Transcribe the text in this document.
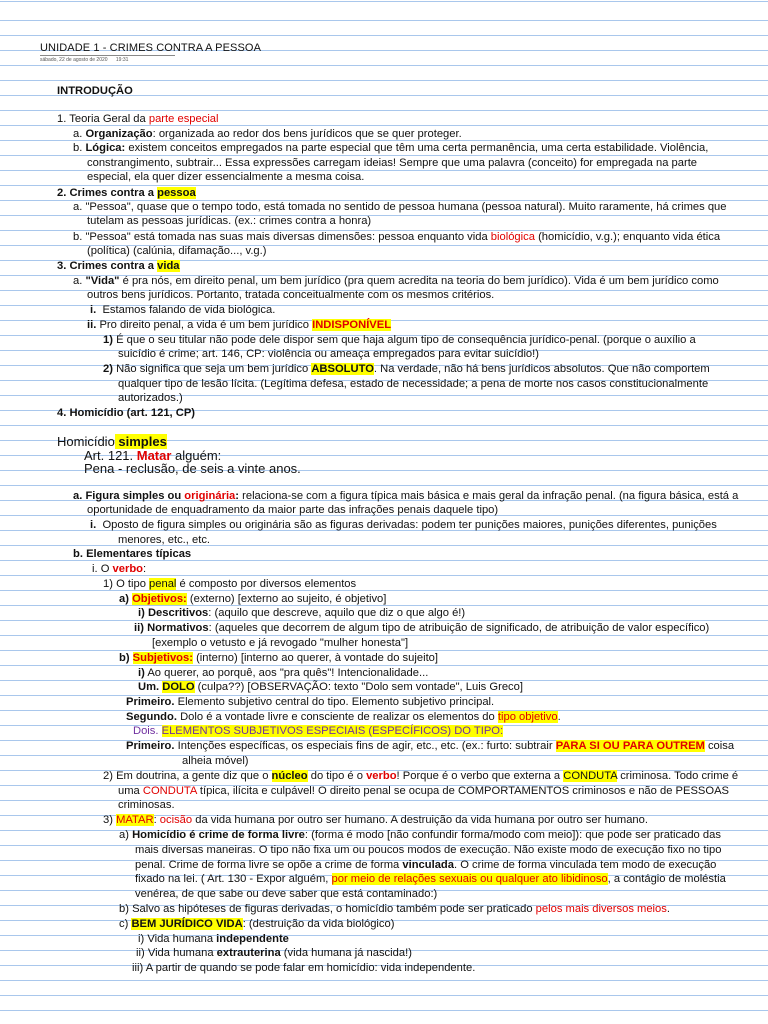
UNIDADE 1 - CRIMES CONTRA A PESSOA
sábado, 22 de agosto de 2020 19:31
INTRODUÇÃO
1. Teoria Geral da parte especial
a. Organização: organizada ao redor dos bens jurídicos que se quer proteger.
b. Lógica: existem conceitos empregados na parte especial que têm uma certa permanência, uma certa estabilidade. Violência,
constrangimento, subtrair... Essa expressões carregam ideias! Sempre que uma palavra (conceito) for empregada na parte
especial, ela quer dizer essencialmente a mesma coisa.
2. Crimes contra a pessoa
a. "Pessoa", quase que o tempo todo, está tomada no sentido de pessoa humana (pessoa natural). Muito raramente, há crimes que
tutelam as pessoas jurídicas. (ex.: crimes contra a honra)
b. "Pessoa" está tomada nas suas mais diversas dimensões: pessoa enquanto vida biológica (homicídio, v.g.); enquanto vida ética
(política) (calúnia, difamação..., v.g.)
3. Crimes contra a vida
a. "Vida" é pra nós, em direito penal, um bem jurídico (pra quem acredita na teoria do bem jurídico). Vida é um bem jurídico como
outros bens jurídicos. Portanto, tratada conceitualmente com os mesmos critérios.
i. Estamos falando de vida biológica.
ii. Pro direito penal, a vida é um bem jurídico INDISPONÍVEL
1) É que o seu titular não pode dele dispor sem que haja algum tipo de consequência jurídico-penal. (porque o auxílio a
suicídio é crime; art. 146, CP: violência ou ameaça empregados para evitar suicídio!)
2) Não significa que seja um bem jurídico ABSOLUTO. Na verdade, não há bens jurídicos absolutos. Que não comportem
qualquer tipo de lesão lícita. (Legítima defesa, estado de necessidade; a pena de morte nos casos constitucionalmente
autorizados.)
4. Homicídio (art. 121, CP)
Homicídio simples
Art. 121. Matar alguém:
Pena - reclusão, de seis a vinte anos.
a. Figura simples ou originária: relaciona-se com a figura típica mais básica e mais geral da infração penal. (na figura básica, está a
oportunidade de enquadramento da maior parte das infrações penais daquele tipo)
i. Oposto de figura simples ou originária são as figuras derivadas: podem ter punições maiores, punições diferentes, punições
menores, etc., etc.
b. Elementares típicas
i. O verbo:
1) O tipo penal é composto por diversos elementos
a) Objetivos: (externo) [externo ao sujeito, é objetivo]
i) Descritivos: (aquilo que descreve, aquilo que diz o que algo é!)
ii) Normativos: (aqueles que decorrem de algum tipo de atribuição de significado, de atribuição de valor específico)
[exemplo o vetusto e já revogado "mulher honesta"]
b) Subjetivos: (interno) [interno ao querer, à vontade do sujeito]
i) Ao querer, ao porquê, aos "pra quês"! Intencionalidade...
Um. DOLO (culpa??) [OBSERVAÇÃO: texto "Dolo sem vontade", Luis Greco]
Primeiro. Elemento subjetivo central do tipo. Elemento subjetivo principal.
Segundo. Dolo é a vontade livre e consciente de realizar os elementos do tipo objetivo.
Dois. ELEMENTOS SUBJETIVOS ESPECIAIS (ESPECÍFICOS) DO TIPO:
Primeiro. Intenções específicas, os especiais fins de agir, etc., etc. (ex.: furto: subtrair PARA SI OU PARA OUTREM coisa
alheia móvel)
2) Em doutrina, a gente diz que o núcleo do tipo é o verbo! Porque é o verbo que externa a CONDUTA criminosa. Todo crime é
uma CONDUTA típica, ilícita e culpável! O direito penal se ocupa de COMPORTAMENTOS criminosos e não de PESSOAS
criminosas.
3) MATAR: ocisão da vida humana por outro ser humano. A destruição da vida humana por outro ser humano.
a) Homicídio é crime de forma livre: (forma é modo [não confundir forma/modo com meio]): que pode ser praticado das
mais diversas maneiras. O tipo não fixa um ou poucos modos de execução. Não existe modo de execução fixo no tipo
penal. Crime de forma livre se opõe a crime de forma vinculada. O crime de forma vinculada tem modo de execução
fixado na lei. ( Art. 130 - Expor alguém, por meio de relações sexuais ou qualquer ato libidinoso, a contágio de moléstia
venérea, de que sabe ou deve saber que está contaminado:)
b) Salvo as hipóteses de figuras derivadas, o homicídio também pode ser praticado pelos mais diversos meios.
c) BEM JURÍDICO VIDA: (destruição da vida biológico)
i) Vida humana independente
ii) Vida humana extrauterina (vida humana já nascida!)
iii) A partir de quando se pode falar em homicídio: vida independente.
